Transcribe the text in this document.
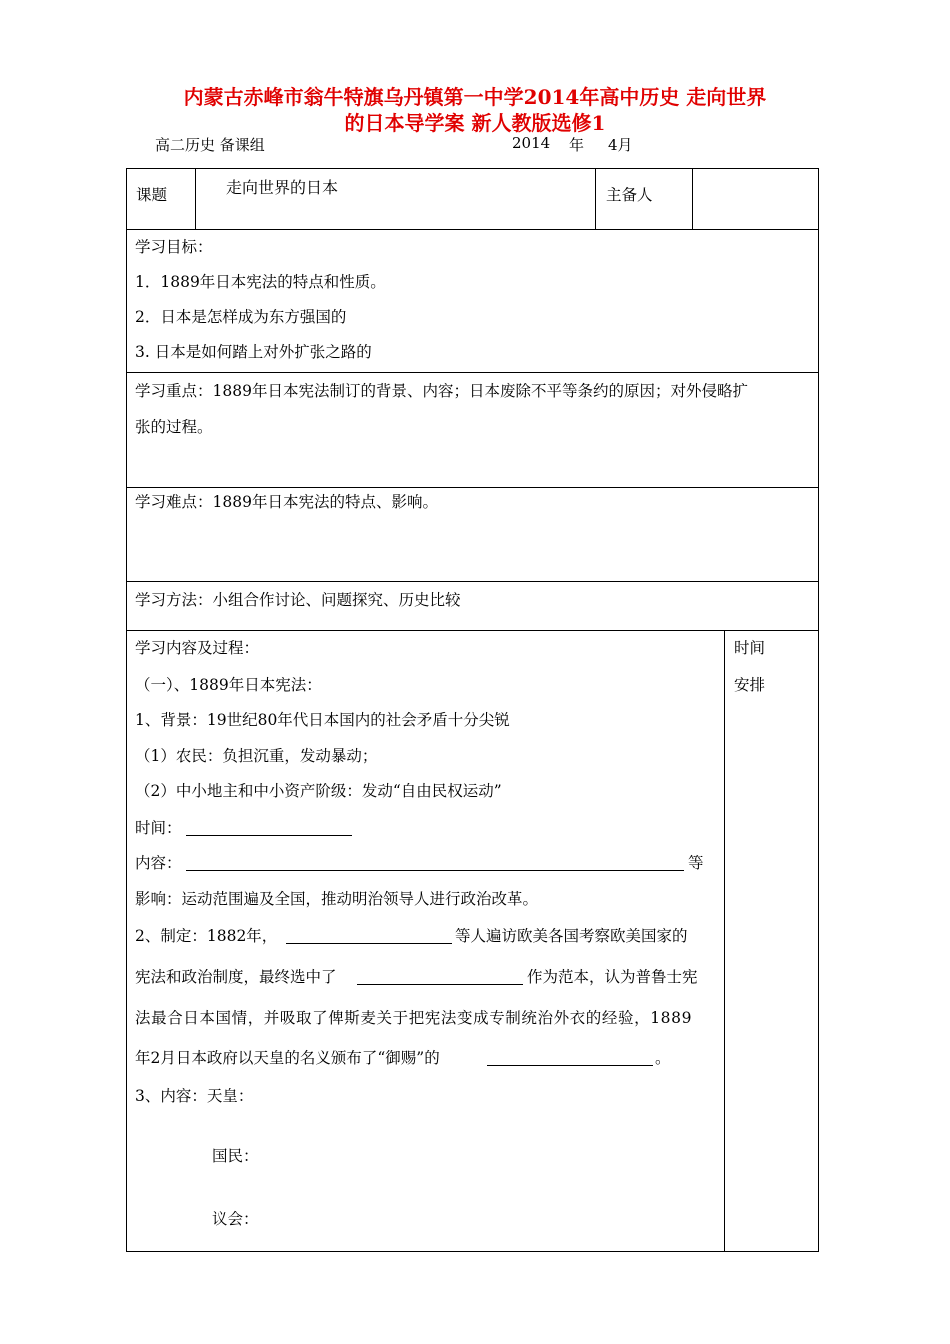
内蒙古赤峰市翁牛特旗乌丹镇第一中学2014年高中历史 走向世界
的日本导学案 新人教版选修1
高二历史 备课组	2014 年 4月
课题	走向世界的日本	主备人
学习目标：
1．1889年日本宪法的特点和性质。
2．日本是怎样成为东方强国的
3. 日本是如何踏上对外扩张之路的
学习重点：1889年日本宪法制订的背景、内容；日本废除不平等条约的原因；对外侵略扩
张的过程。
学习难点：1889年日本宪法的特点、影响。
学习方法：小组合作讨论、问题探究、历史比较
学习内容及过程：	时间
安排
（一）、1889年日本宪法：
1、背景：19世纪80年代日本国内的社会矛盾十分尖锐
（1）农民：负担沉重，发动暴动；
（2）中小地主和中小资产阶级：发动“自由民权运动”
时间：
内容：	等
影响：运动范围遍及全国，推动明治领导人进行政治改革。
2、制定：1882年，	等人遍访欧美各国考察欧美国家的
宪法和政治制度，最终选中了	作为范本，认为普鲁士宪
法最合日本国情，并吸取了俾斯麦关于把宪法变成专制统治外衣的经验，1889
年2月日本政府以天皇的名义颁布了“御赐”的	。
3、内容：天皇：
国民：
议会：
